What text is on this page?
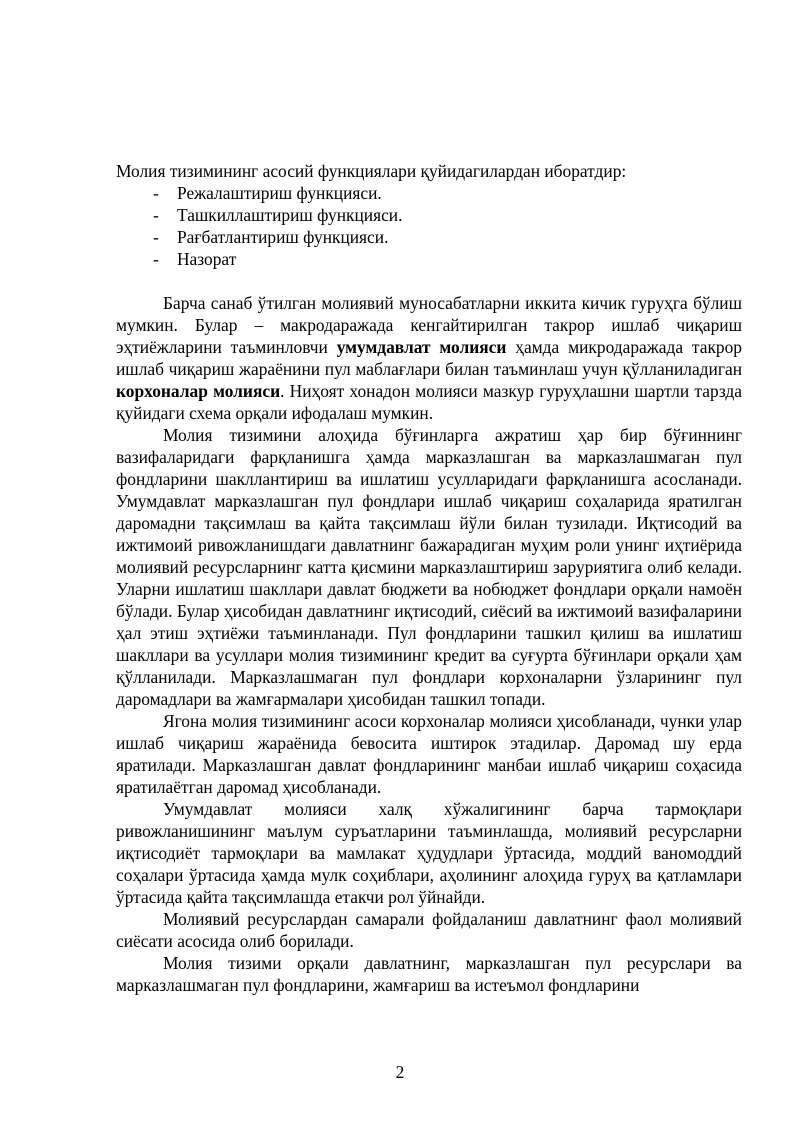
Молия тизимининг асосий функциялари қуйидагилардан иборатдир:

- Режалаштириш функцияси.
- Ташкиллаштириш функцияси.
- Рағбатлантириш функцияси.
- Назорат

Барча санаб ўтилган молиявий муносабатларни иккита кичик гуруҳга бўлиш мумкин. Булар – макродаражада кенгайтирилган такрор ишлаб чиқариш эҳтиёжларини таъминловчи умумдавлат молияси ҳамда микродаражада такрор ишлаб чиқариш жараёнини пул маблағлари билан таъминлаш учун қўлланиладиган корхоналар молияси. Ниҳоят хонадон молияси мазкур гуруҳлашни шартли тарзда қуйидаги схема орқали ифодалаш мумкин.

Молия тизимини алоҳида бўғинларга ажратиш ҳар бир бўғиннинг вазифаларидаги фарқланишга ҳамда марказлашган ва марказлашмаган пул фондларини шакллантириш ва ишлатиш усулларидаги фарқланишга асосланади. Умумдавлат марказлашган пул фондлари ишлаб чиқариш соҳаларида яратилган даромадни тақсимлаш ва қайта тақсимлаш йўли билан тузилади. Иқтисодий ва ижтимоий ривожланишдаги давлатнинг бажарадиган муҳим роли унинг иҳтиёрида молиявий ресурсларнинг катта қисмини марказлаштириш заруриятига олиб келади. Уларни ишлатиш шакллари давлат бюджети ва нобюджет фондлари орқали намоён бўлади. Булар ҳисобидан давлатнинг иқтисодий, сиёсий ва ижтимоий вазифаларини ҳал этиш эҳтиёжи таъминланади. Пул фондларини ташкил қилиш ва ишлатиш шакллари ва усуллари молия тизимининг кредит ва суғурта бўғинлари орқали ҳам қўлланилади. Марказлашмаган пул фондлари корхоналарни ўзларининг пул даромадлари ва жамғармалари ҳисобидан ташкил топади.

Ягона молия тизимининг асоси корхоналар молияси ҳисобланади, чунки улар ишлаб чиқариш жараёнида бевосита иштирок этадилар. Даромад шу ерда яратилади. Марказлашган давлат фондларининг манбаи ишлаб чиқариш соҳасида яратилаётган даромад ҳисобланади.

Умумдавлат молияси халқ хўжалигининг барча тармоқлари ривожланишининг маълум суръатларини таъминлашда, молиявий ресурсларни иқтисодиёт тармоқлари ва мамлакат ҳудудлари ўртасида, моддий ваномоддий соҳалари ўртасида ҳамда мулк соҳиблари, аҳолининг алоҳида гуруҳ ва қатламлари ўртасида қайта тақсимлашда етакчи рол ўйнайди.

Молиявий ресурслардан самарали фойдаланиш давлатнинг фаол молиявий сиёсати асосида олиб борилади.

Молия тизими орқали давлатнинг, марказлашган пул ресурслари ва марказлашмаган пул фондларини, жамғариш ва истеъмол фондларини

2
